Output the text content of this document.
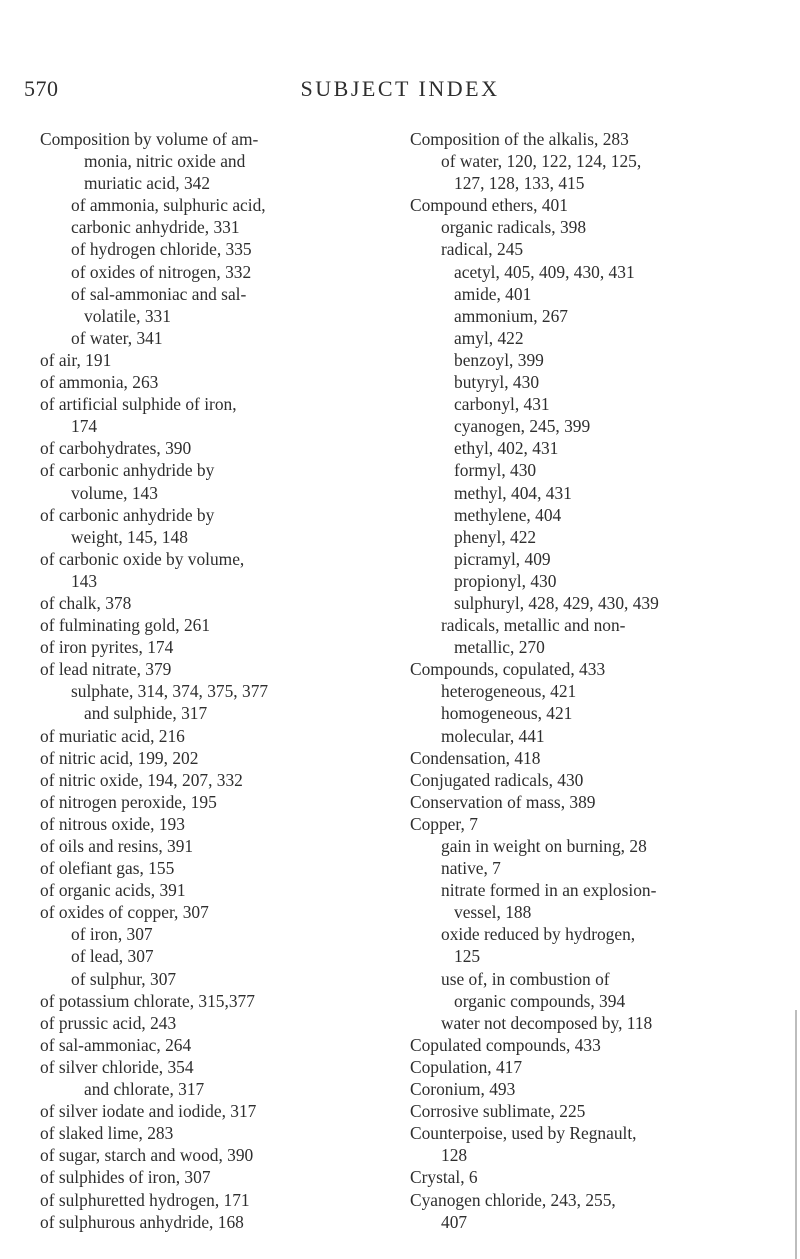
570	SUBJECT INDEX
Composition by volume of am-
monia, nitric oxide and
muriatic acid, 342
of ammonia, sulphuric acid,
carbonic anhydride, 331
of hydrogen chloride, 335
of oxides of nitrogen, 332
of sal-ammoniac and sal-
volatile, 331
of water, 341
of air, 191
of ammonia, 263
of artificial sulphide of iron,
174
of carbohydrates, 390
of carbonic anhydride by
volume, 143
of carbonic anhydride by
weight, 145, 148
of carbonic oxide by volume,
143
of chalk, 378
of fulminating gold, 261
of iron pyrites, 174
of lead nitrate, 379
sulphate, 314, 374, 375, 377
and sulphide, 317
of muriatic acid, 216
of nitric acid, 199, 202
of nitric oxide, 194, 207, 332
of nitrogen peroxide, 195
of nitrous oxide, 193
of oils and resins, 391
of olefiant gas, 155
of organic acids, 391
of oxides of copper, 307
of iron, 307
of lead, 307
of sulphur, 307
of potassium chlorate, 315,377
of prussic acid, 243
of sal-ammoniac, 264
of silver chloride, 354
and chlorate, 317
of silver iodate and iodide, 317
of slaked lime, 283
of sugar, starch and wood, 390
of sulphides of iron, 307
of sulphuretted hydrogen, 171
of sulphurous anhydride, 168
Composition of the alkalis, 283
of water, 120, 122, 124, 125,
127, 128, 133, 415
Compound ethers, 401
organic radicals, 398
radical, 245
acetyl, 405, 409, 430, 431
amide, 401
ammonium, 267
amyl, 422
benzoyl, 399
butyryl, 430
carbonyl, 431
cyanogen, 245, 399
ethyl, 402, 431
formyl, 430
methyl, 404, 431
methylene, 404
phenyl, 422
picramyl, 409
propionyl, 430
sulphuryl, 428, 429, 430, 439
radicals, metallic and non-
metallic, 270
Compounds, copulated, 433
heterogeneous, 421
homogeneous, 421
molecular, 441
Condensation, 418
Conjugated radicals, 430
Conservation of mass, 389
Copper, 7
gain in weight on burning, 28
native, 7
nitrate formed in an explosion-
vessel, 188
oxide reduced by hydrogen,
125
use of, in combustion of
organic compounds, 394
water not decomposed by, 118
Copulated compounds, 433
Copulation, 417
Coronium, 493
Corrosive sublimate, 225
Counterpoise, used by Regnault,
128
Crystal, 6
Cyanogen chloride, 243, 255,
407
